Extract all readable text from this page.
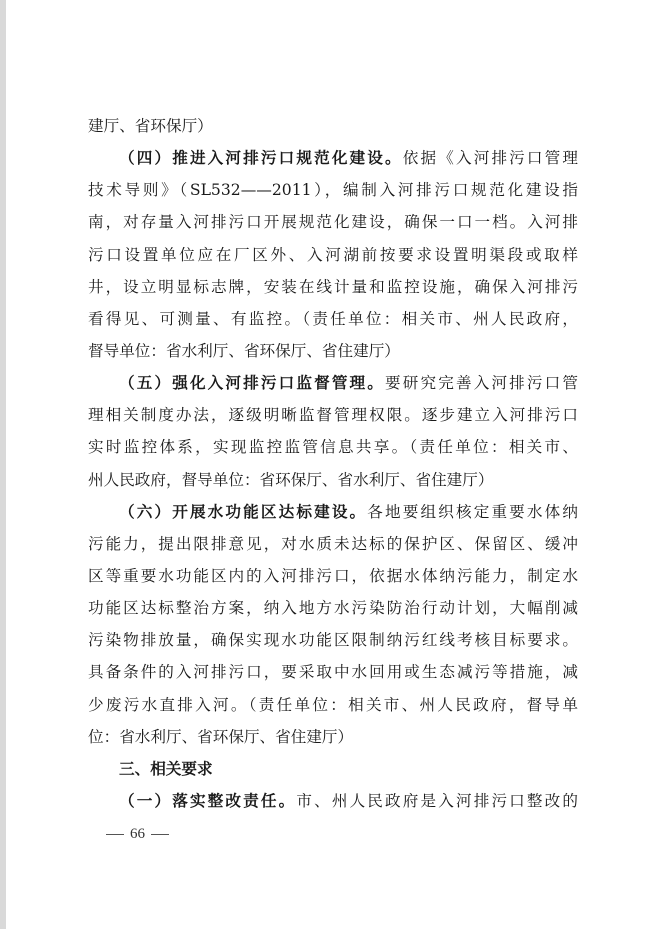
建厅、省环保厅）
（四）推进入河排污口规范化建设。依据《入河排污口管理
技术导则》（SL532——2011），编制入河排污口规范化建设指
南，对存量入河排污口开展规范化建设，确保一口一档。入河排
污口设置单位应在厂区外、入河湖前按要求设置明渠段或取样
井，设立明显标志牌，安装在线计量和监控设施，确保入河排污
看得见、可测量、有监控。（责任单位：相关市、州人民政府，
督导单位：省水利厅、省环保厅、省住建厅）
（五）强化入河排污口监督管理。要研究完善入河排污口管
理相关制度办法，逐级明晰监督管理权限。逐步建立入河排污口
实时监控体系，实现监控监管信息共享。（责任单位：相关市、
州人民政府，督导单位：省环保厅、省水利厅、省住建厅）
（六）开展水功能区达标建设。各地要组织核定重要水体纳
污能力，提出限排意见，对水质未达标的保护区、保留区、缓冲
区等重要水功能区内的入河排污口，依据水体纳污能力，制定水
功能区达标整治方案，纳入地方水污染防治行动计划，大幅削减
污染物排放量，确保实现水功能区限制纳污红线考核目标要求。
具备条件的入河排污口，要采取中水回用或生态减污等措施，减
少废污水直排入河。（责任单位：相关市、州人民政府，督导单
位：省水利厅、省环保厅、省住建厅）
三、相关要求
（一）落实整改责任。市、州人民政府是入河排污口整改的
66
